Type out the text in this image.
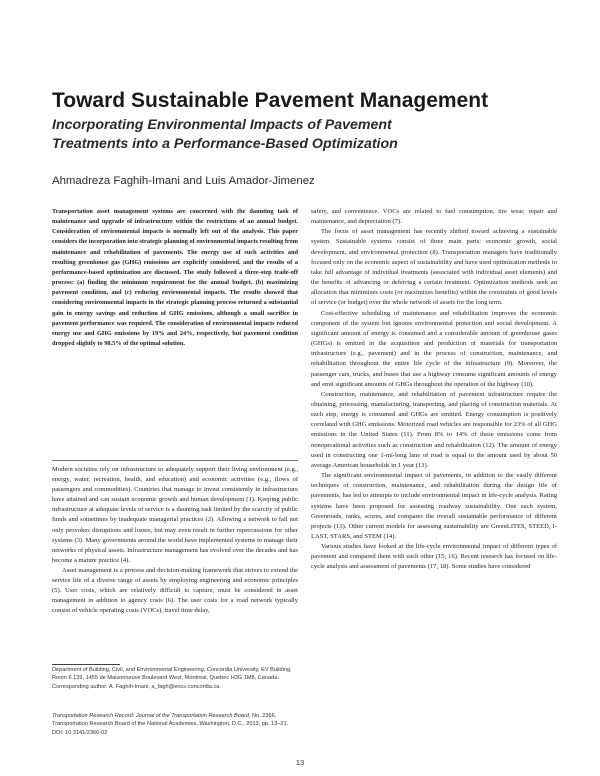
Toward Sustainable Pavement Management
Incorporating Environmental Impacts of Pavement
Treatments into a Performance-Based Optimization
Ahmadreza Faghih-Imani and Luis Amador-Jimenez
Transportation asset management systems are concerned with the daunting task of maintenance and upgrade of infrastructure within the restrictions of an annual budget. Consideration of environmental impacts is normally left out of the analysis. This paper considers the incorporation into strategic planning of environmental impacts resulting from maintenance and rehabilitation of pavements. The energy use of such activities and resulting greenhouse gas (GHG) emissions are explicitly considered, and the results of a performance-based optimization are discussed. The study followed a three-step trade-off process: (a) finding the minimum requirement for the annual budget, (b) maximizing pavement condition, and (c) reducing environmental impacts. The results showed that considering environmental impacts in the strategic planning process returned a substantial gain in energy savings and reduction of GHG emissions, although a small sacrifice in pavement performance was required. The consideration of environmental impacts reduced energy use and GHG emissions by 19% and 24%, respectively, but pavement condition dropped slightly to 98.5% of the optimal solution.

Modern societies rely on infrastructure to adequately support their living environment (e.g., energy, water, recreation, health, and education) and economic activities (e.g., flows of passengers and commodities). Countries that manage to invest consistently in infrastructure have attained and can sustain economic growth and human development (1). Keeping public infrastructure at adequate levels of service is a daunting task limited by the scarcity of public funds and sometimes by inadequate managerial practices (2). Allowing a network to fail not only provokes disruptions and losses, but may even result in further repercussions for other systems (3). Many governments around the world have implemented systems to manage their networks of physical assets. Infrastructure management has evolved over the decades and has become a mature practice (4).

Asset management is a process and decision-making framework that strives to extend the service life of a diverse range of assets by employing engineering and economic principles (5). User costs, which are relatively difficult to capture, must be considered in asset management in addition to agency costs (6). The user costs for a road network typically consist of vehicle operating costs (VOCs), travel time delay,

safety, and convenience. VOCs are related to fuel consumption, tire wear, repair and maintenance, and depreciation (7).

The focus of asset management has recently shifted toward achieving a sustainable system. Sustainable systems consist of three main parts: economic growth, social development, and environmental protection (8). Transportation managers have traditionally focused only on the economic aspect of sustainability and have used optimization methods to take full advantage of individual treatments (associated with individual asset elements) and the benefits of advancing or deferring a certain treatment. Optimization methods seek an allocation that minimizes costs (or maximizes benefits) within the constraints of good levels of service (or budget) over the whole network of assets for the long term.

Cost-effective scheduling of maintenance and rehabilitation improves the economic component of the system but ignores environmental protection and social development. A significant amount of energy is consumed and a considerable amount of greenhouse gases (GHGs) is emitted in the acquisition and production of materials for transportation infrastructure (e.g., pavement) and in the process of construction, maintenance, and rehabilitation throughout the entire life cycle of the infrastructure (9). Moreover, the passenger cars, trucks, and buses that use a highway consume significant amounts of energy and emit significant amounts of GHGs throughout the operation of the highway (10).

Construction, maintenance, and rehabilitation of pavement infrastructure require the obtaining, processing, manufacturing, transporting, and placing of construction materials. At each step, energy is consumed and GHGs are emitted. Energy consumption is positively correlated with GHG emissions. Motorized road vehicles are responsible for 23% of all GHG emissions in the United States (11). From 8% to 14% of these emissions come from nonoperational activities such as construction and rehabilitation (12). The amount of energy used in constructing one 1-mi-long lane of road is equal to the amount used by about 50 average American households in 1 year (13).

The significant environmental impact of pavements, in addition to the vastly different techniques of construction, maintenance, and rehabilitation during the design life of pavements, has led to attempts to include environmental impact in life-cycle analysis. Rating systems have been proposed for assessing roadway sustainability. One such system, Greenroads, ranks, scores, and compares the overall sustainable performance of different projects (13). Other current models for assessing sustainability are GreenLITES, STEED, I-LAST, STARS, and STEM (14).

Various studies have looked at the life-cycle environmental impact of different types of pavement and compared them with each other (15, 16). Recent research has focused on life-cycle analysis and assessment of pavements (17, 18). Some studies have considered

Department of Building, Civil, and Environmental Engineering, Concordia University, EV Building, Room 6.139, 1455 de Maisonneuve Boulevard West, Montreal, Quebec H3G 1M8, Canada. Corresponding author: A. Faghih-Imani, a_fagh@encs.concordia.ca.
Transportation Research Record: Journal of the Transportation Research Board, No. 2366, Transportation Research Board of the National Academies, Washington, D.C., 2013, pp. 13–21.
DOI: 10.3141/2366-02
13
